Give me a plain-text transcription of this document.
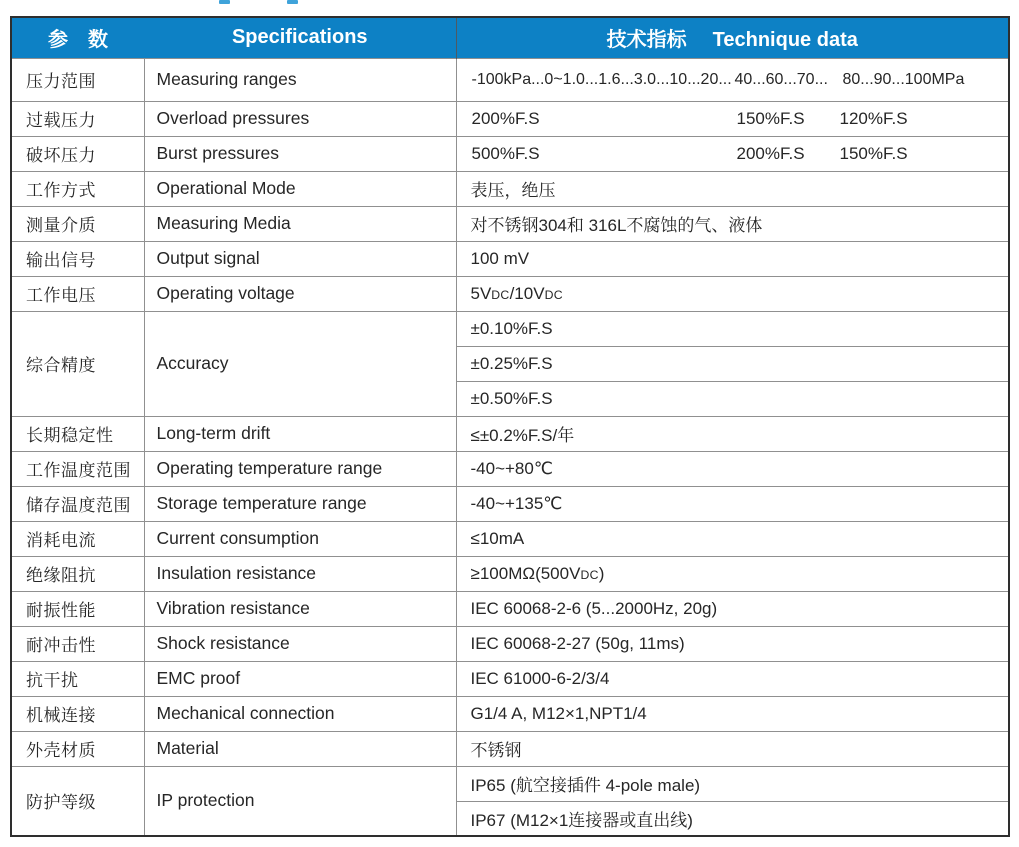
参　数	Specifications	技术指标 Technique data

压力范围	Measuring ranges	-100kPa...0~1.0...1.6...3.0...10...20... 40...60...70... 80...90...100MPa

过载压力	Overload pressures	200%F.S 150%F.S 120%F.S

破坏压力	Burst pressures	500%F.S 200%F.S 150%F.S

工作方式	Operational Mode	表压，绝压
测量介质	Measuring Media	对不锈钢304和 316L不腐蚀的气、液体
输出信号	Output signal	100 mV
工作电压	Operating voltage	5VDC/10VDC
综合精度	Accuracy	±0.10%F.S
		±0.25%F.S
		±0.50%F.S
长期稳定性	Long-term drift	≤±0.2%F.S/年
工作温度范围	Operating temperature range	-40~+80℃
储存温度范围	Storage temperature range	-40~+135℃
消耗电流	Current consumption	≤10mA
绝缘阻抗	Insulation resistance	≥100MΩ(500VDC)
耐振性能	Vibration resistance	IEC 60068-2-6 (5...2000Hz, 20g)
耐冲击性	Shock resistance	IEC 60068-2-27 (50g, 11ms)
抗干扰	EMC proof	IEC 61000-6-2/3/4
机械连接	Mechanical connection	G1/4 A, M12×1,NPT1/4
外壳材质	Material	不锈钢
防护等级	IP protection	IP65 (航空接插件 4-pole male)
		IP67 (M12×1连接器或直出线)
